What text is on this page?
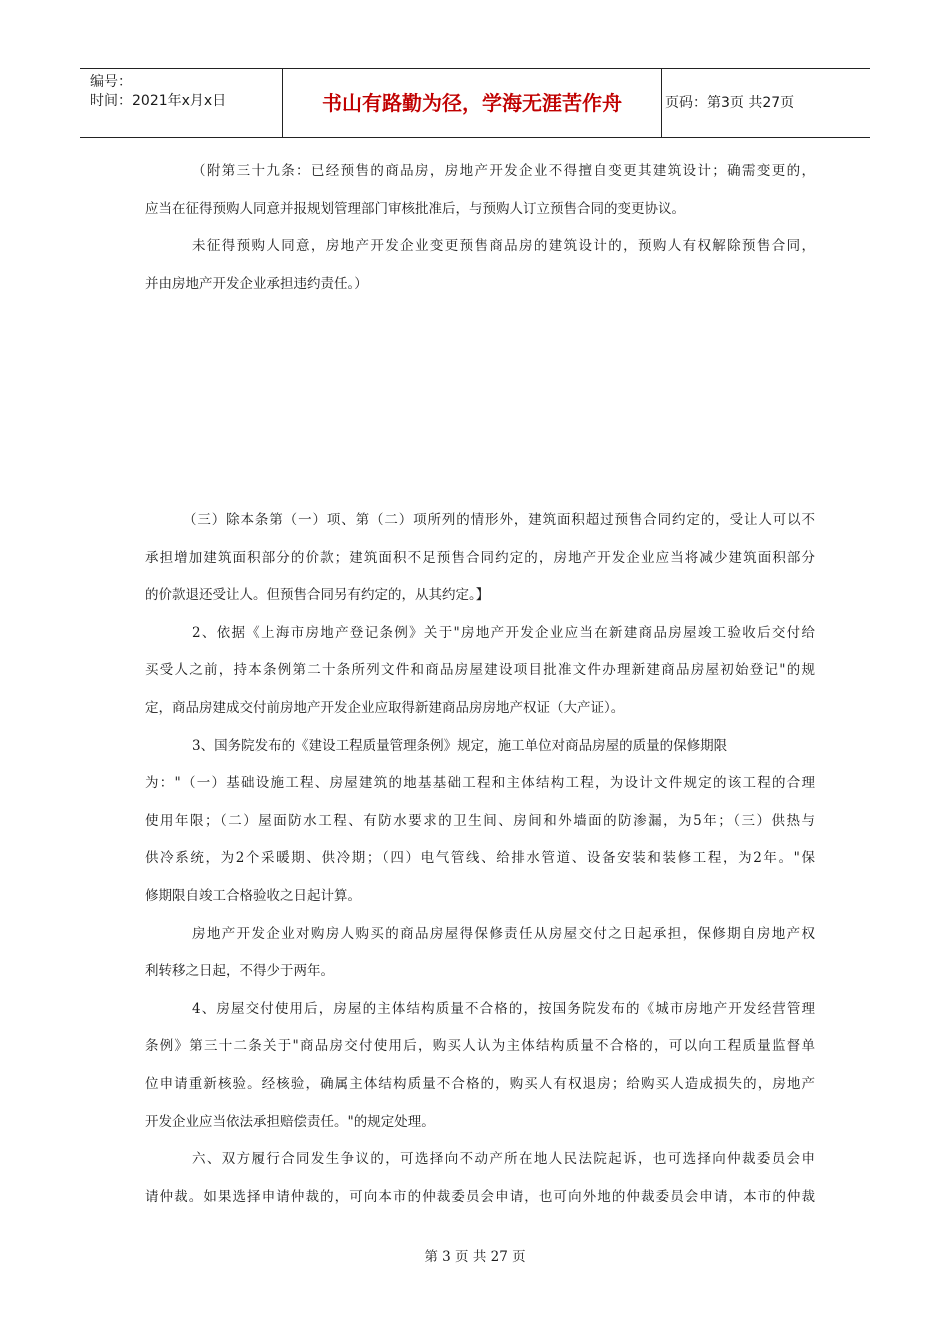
编号：
时间：2021年x月x日	书山有路勤为径，学海无涯苦作舟	页码：第3页 共27页
（附第三十九条：已经预售的商品房，房地产开发企业不得擅自变更其建筑设计；确需变更的，
应当在征得预购人同意并报规划管理部门审核批准后，与预购人订立预售合同的变更协议。
未征得预购人同意，房地产开发企业变更预售商品房的建筑设计的，预购人有权解除预售合同，
并由房地产开发企业承担违约责任。）
（三）除本条第（一）项、第（二）项所列的情形外，建筑面积超过预售合同约定的，受让人可以不
承担增加建筑面积部分的价款；建筑面积不足预售合同约定的，房地产开发企业应当将减少建筑面积部分
的价款退还受让人。但预售合同另有约定的，从其约定。】
2、依据《上海市房地产登记条例》关于"房地产开发企业应当在新建商品房屋竣工验收后交付给
买受人之前，持本条例第二十条所列文件和商品房屋建设项目批准文件办理新建商品房屋初始登记"的规
定，商品房建成交付前房地产开发企业应取得新建商品房房地产权证（大产证）。
3、国务院发布的《建设工程质量管理条例》规定，施工单位对商品房屋的质量的保修期限
为："（一）基础设施工程、房屋建筑的地基基础工程和主体结构工程，为设计文件规定的该工程的合理
使用年限；（二）屋面防水工程、有防水要求的卫生间、房间和外墙面的防渗漏，为5年；（三）供热与
供冷系统，为2个采暖期、供冷期；（四）电气管线、给排水管道、设备安装和装修工程，为2年。"保
修期限自竣工合格验收之日起计算。
房地产开发企业对购房人购买的商品房屋得保修责任从房屋交付之日起承担，保修期自房地产权
利转移之日起，不得少于两年。
4、房屋交付使用后，房屋的主体结构质量不合格的，按国务院发布的《城市房地产开发经营管理
条例》第三十二条关于"商品房交付使用后，购买人认为主体结构质量不合格的，可以向工程质量监督单
位申请重新核验。经核验，确属主体结构质量不合格的，购买人有权退房；给购买人造成损失的，房地产
开发企业应当依法承担赔偿责任。"的规定处理。
六、双方履行合同发生争议的，可选择向不动产所在地人民法院起诉，也可选择向仲裁委员会申
请仲裁。如果选择申请仲裁的，可向本市的仲裁委员会申请，也可向外地的仲裁委员会申请，本市的仲裁
第 3 页 共 27 页
